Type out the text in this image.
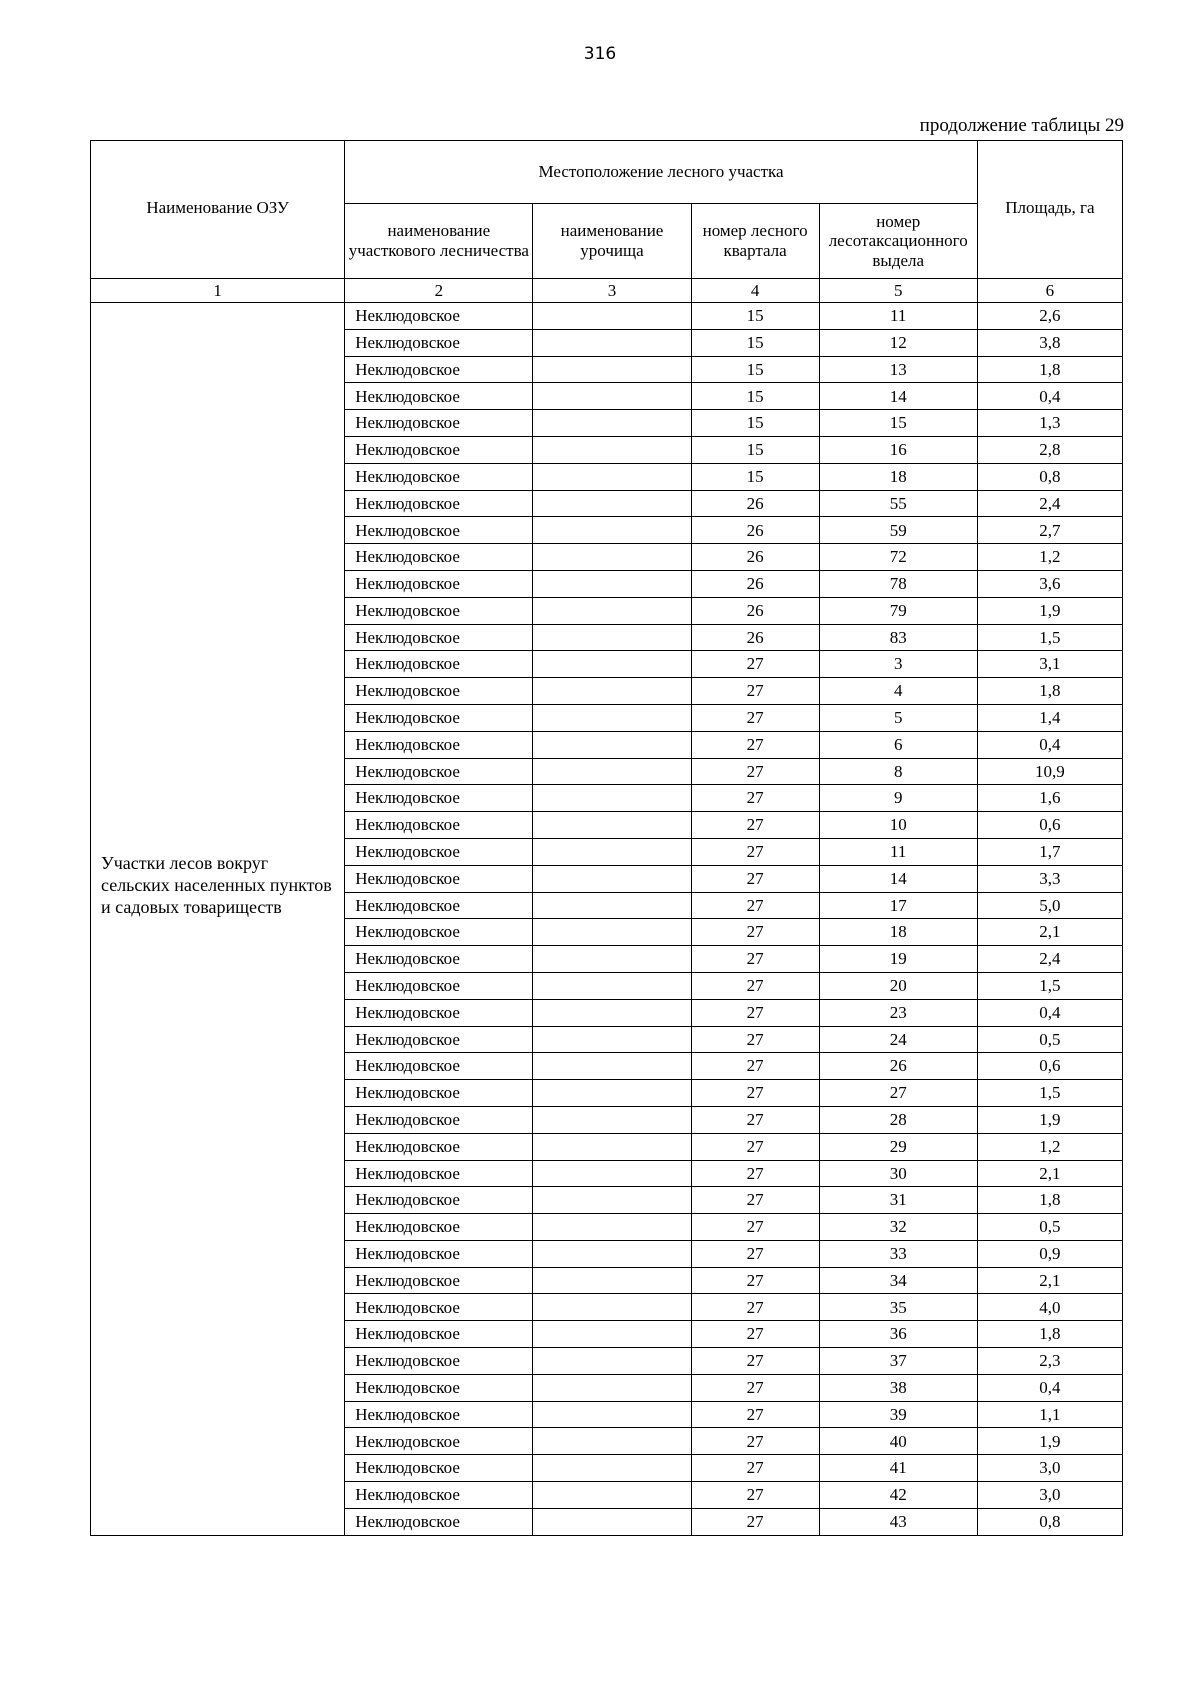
316
продолжение таблицы 29
Наименование ОЗУ	Местоположение лесного участка				Площадь, га
	наименование участкового лесничества	наименование урочища	номер лесного квартала	номер лесотаксационного выдела	
1	2	3	4	5	6
Участки лесов вокруг сельских населенных пунктов и садовых товариществ	Неклюдовское		15	11	2,6
	Неклюдовское		15	12	3,8
	Неклюдовское		15	13	1,8
	Неклюдовское		15	14	0,4
	Неклюдовское		15	15	1,3
	Неклюдовское		15	16	2,8
	Неклюдовское		15	18	0,8
	Неклюдовское		26	55	2,4
	Неклюдовское		26	59	2,7
	Неклюдовское		26	72	1,2
	Неклюдовское		26	78	3,6
	Неклюдовское		26	79	1,9
	Неклюдовское		26	83	1,5
	Неклюдовское		27	3	3,1
	Неклюдовское		27	4	1,8
	Неклюдовское		27	5	1,4
	Неклюдовское		27	6	0,4
	Неклюдовское		27	8	10,9
	Неклюдовское		27	9	1,6
	Неклюдовское		27	10	0,6
	Неклюдовское		27	11	1,7
	Неклюдовское		27	14	3,3
	Неклюдовское		27	17	5,0
	Неклюдовское		27	18	2,1
	Неклюдовское		27	19	2,4
	Неклюдовское		27	20	1,5
	Неклюдовское		27	23	0,4
	Неклюдовское		27	24	0,5
	Неклюдовское		27	26	0,6
	Неклюдовское		27	27	1,5
	Неклюдовское		27	28	1,9
	Неклюдовское		27	29	1,2
	Неклюдовское		27	30	2,1
	Неклюдовское		27	31	1,8
	Неклюдовское		27	32	0,5
	Неклюдовское		27	33	0,9
	Неклюдовское		27	34	2,1
	Неклюдовское		27	35	4,0
	Неклюдовское		27	36	1,8
	Неклюдовское		27	37	2,3
	Неклюдовское		27	38	0,4
	Неклюдовское		27	39	1,1
	Неклюдовское		27	40	1,9
	Неклюдовское		27	41	3,0
	Неклюдовское		27	42	3,0
	Неклюдовское		27	43	0,8
